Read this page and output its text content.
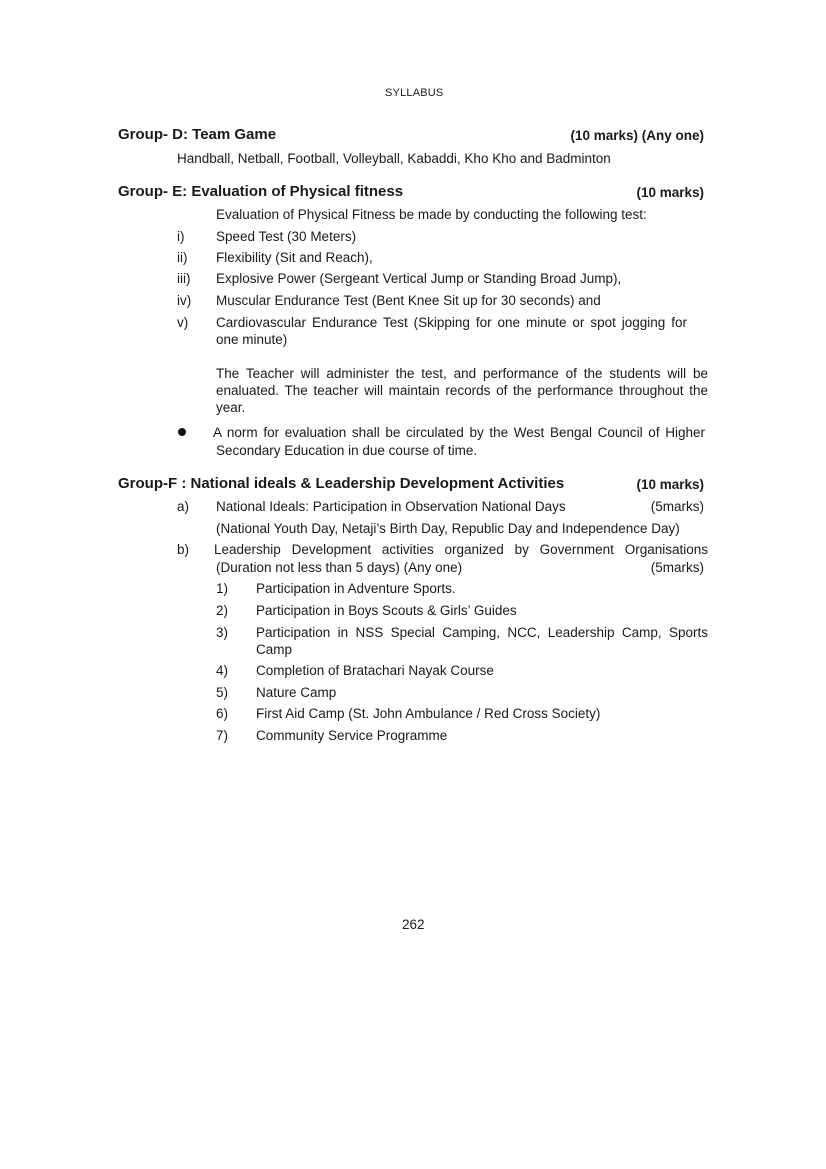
SYLLABUS
Group- D: Team Game	(10 marks) (Any one)
Handball, Netball, Football, Volleyball, Kabaddi, Kho Kho and Badminton
Group- E: Evaluation of Physical fitness	(10 marks)
Evaluation of Physical Fitness be made by conducting the following test:
i) Speed Test (30 Meters)
ii) Flexibility (Sit and Reach),
iii) Explosive Power (Sergeant Vertical Jump or Standing Broad Jump),
iv) Muscular Endurance Test (Bent Knee Sit up for 30 seconds) and
v) Cardiovascular Endurance Test (Skipping for one minute or spot jogging for
one minute)
The Teacher will administer the test, and performance of the students will be
enaluated. The teacher will maintain records of the performance throughout the
year.
A norm for evaluation shall be circulated by the West Bengal Council of Higher
Secondary Education in due course of time.
Group-F : National ideals & Leadership Development Activities	(10 marks)
a) National Ideals: Participation in Observation National Days	(5marks)
(National Youth Day, Netaji’s Birth Day, Republic Day and Independence Day)
b) Leadership Development activities organized by Government Organisations
(Duration not less than 5 days) (Any one)	(5marks)
1) Participation in Adventure Sports.
2) Participation in Boys Scouts & Girls’ Guides
3) Participation in NSS Special Camping, NCC, Leadership Camp, Sports
Camp
4) Completion of Bratachari Nayak Course
5) Nature Camp
6) First Aid Camp (St. John Ambulance / Red Cross Society)
7) Community Service Programme
262
